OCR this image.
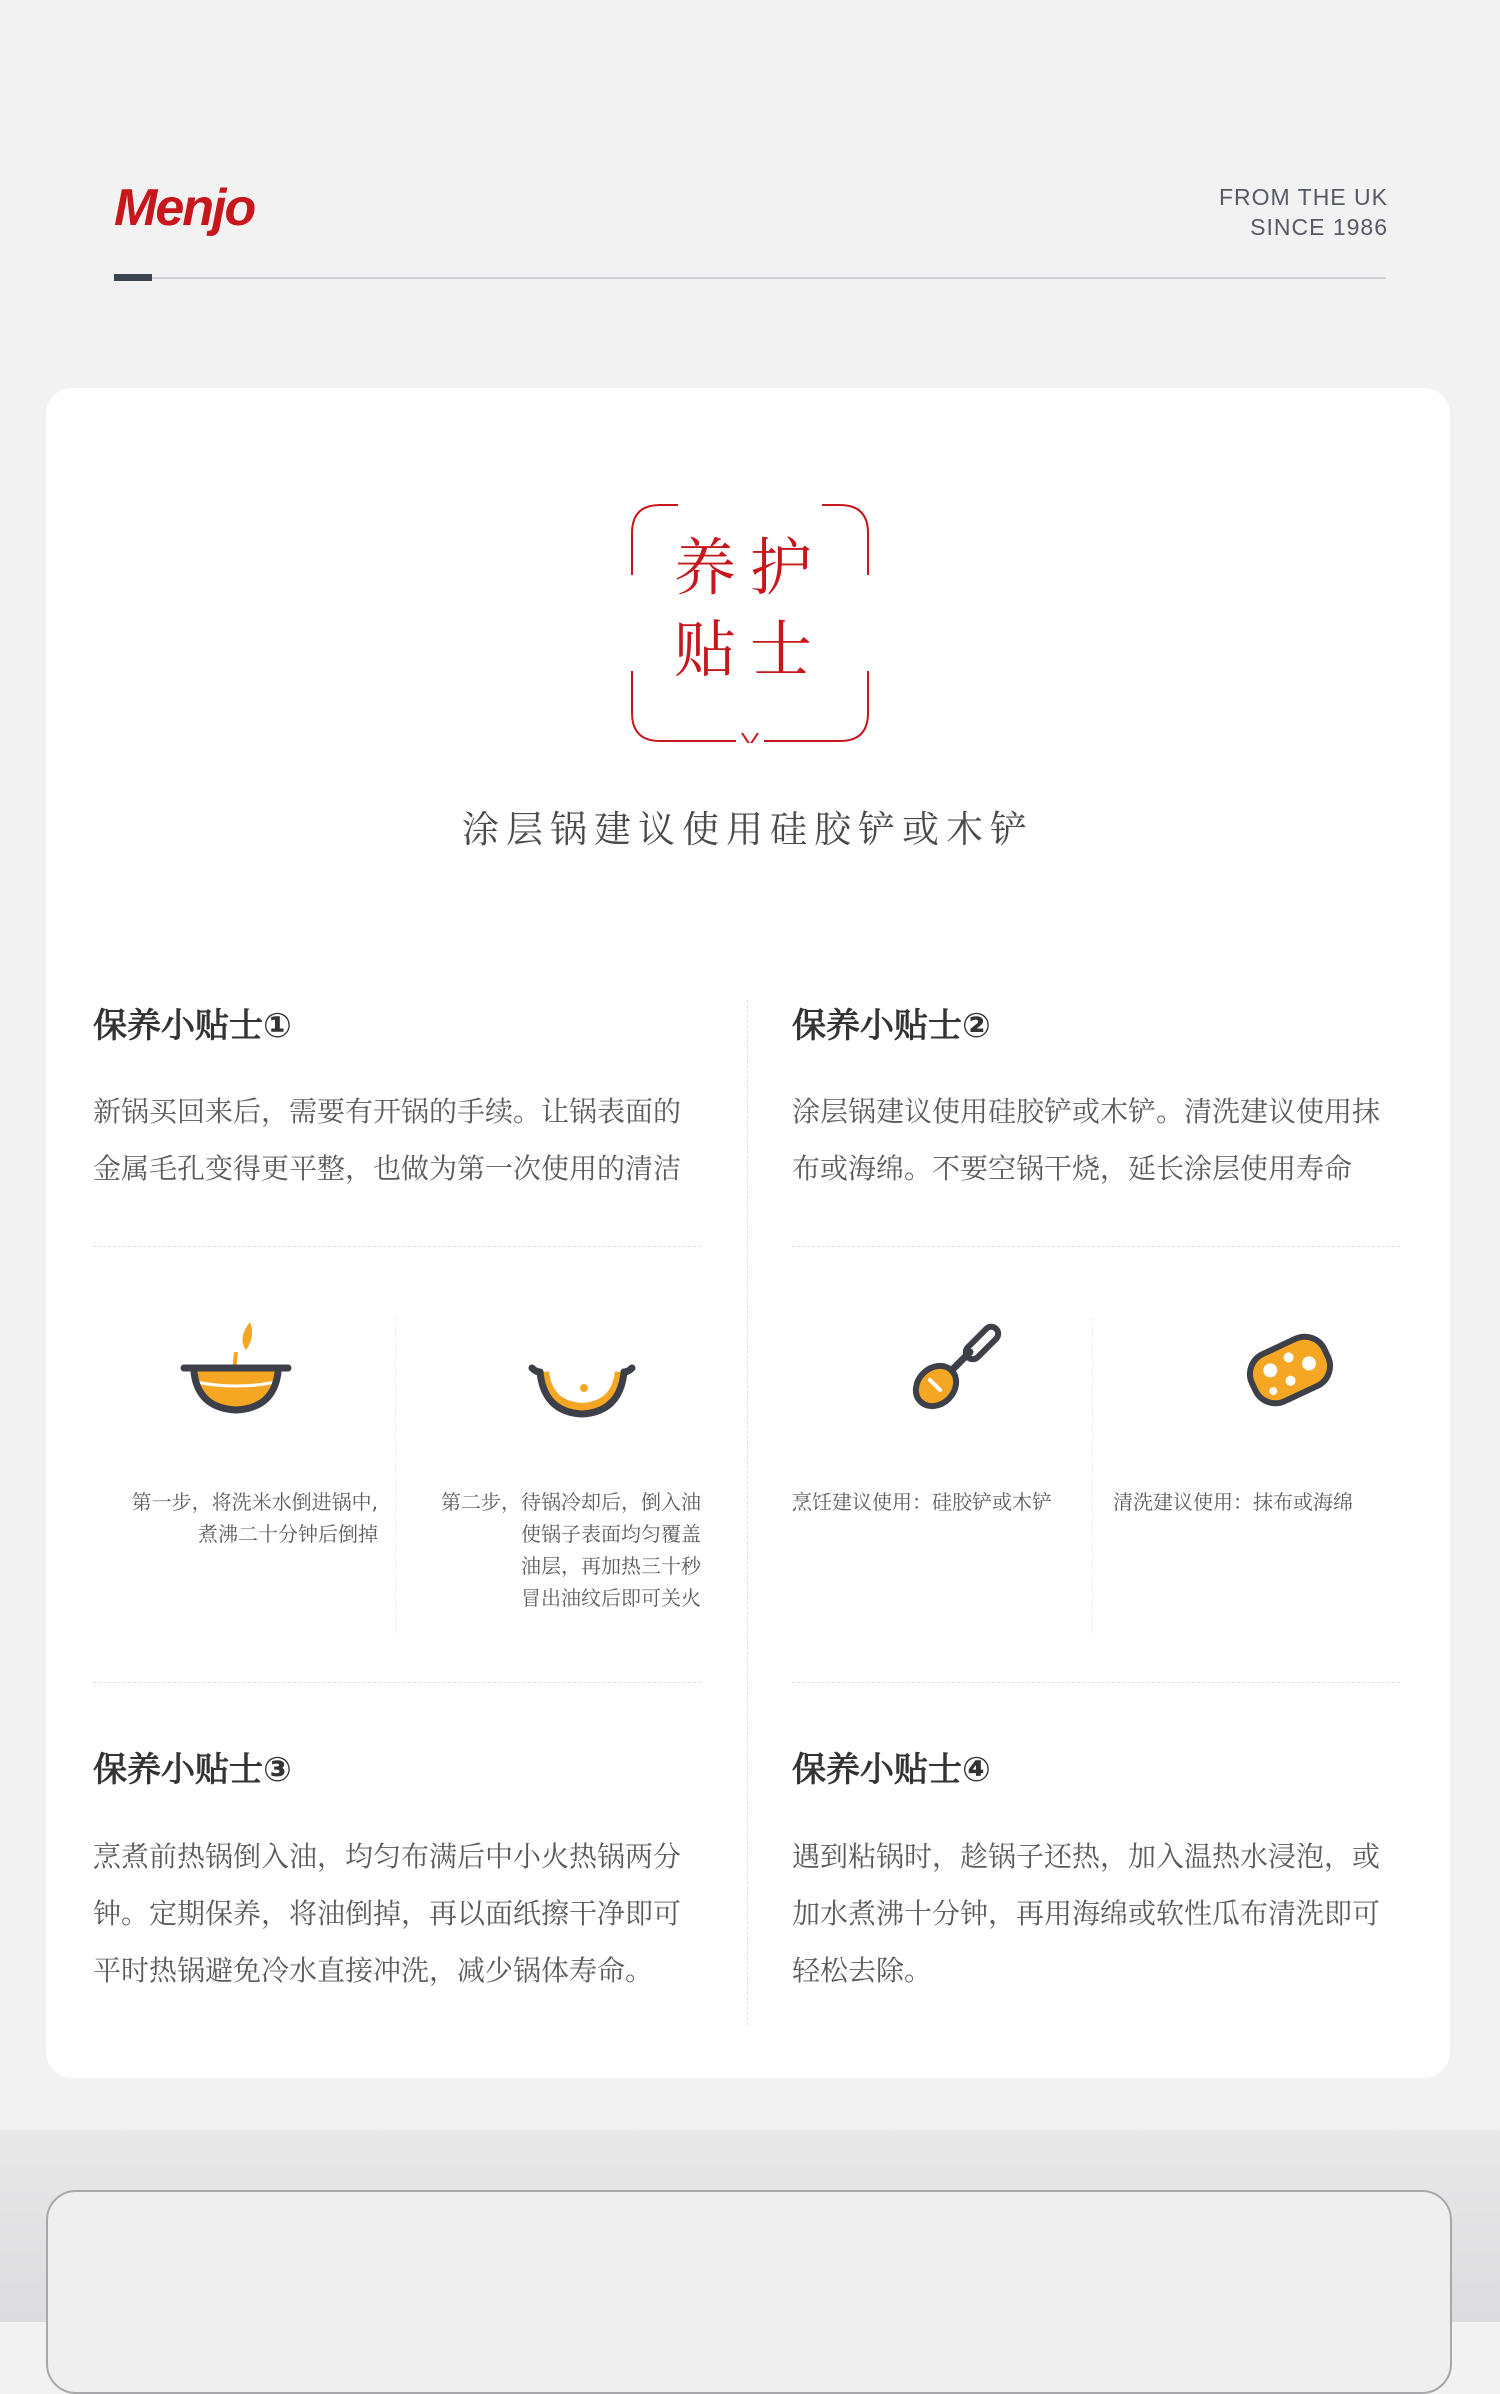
Menjo	FROM THE UK
SINCE 1986
养护
贴士
涂层锅建议使用硅胶铲或木铲
保养小贴士①
新锅买回来后，需要有开锅的手续。让锅表面的
金属毛孔变得更平整，也做为第一次使用的清洁
保养小贴士②
涂层锅建议使用硅胶铲或木铲。清洗建议使用抹
布或海绵。不要空锅干烧，延长涂层使用寿命
第一步，将洗米水倒进锅中,
煮沸二十分钟后倒掉
第二步，待锅冷却后，倒入油
使锅子表面均匀覆盖
油层，再加热三十秒
冒出油纹后即可关火
烹饪建议使用：硅胶铲或木铲	清洗建议使用：抹布或海绵
保养小贴士③
烹煮前热锅倒入油，均匀布满后中小火热锅两分
钟。定期保养，将油倒掉，再以面纸擦干净即可
平时热锅避免冷水直接冲洗，减少锅体寿命。
保养小贴士④
遇到粘锅时，趁锅子还热，加入温热水浸泡，或
加水煮沸十分钟，再用海绵或软性瓜布清洗即可
轻松去除。
